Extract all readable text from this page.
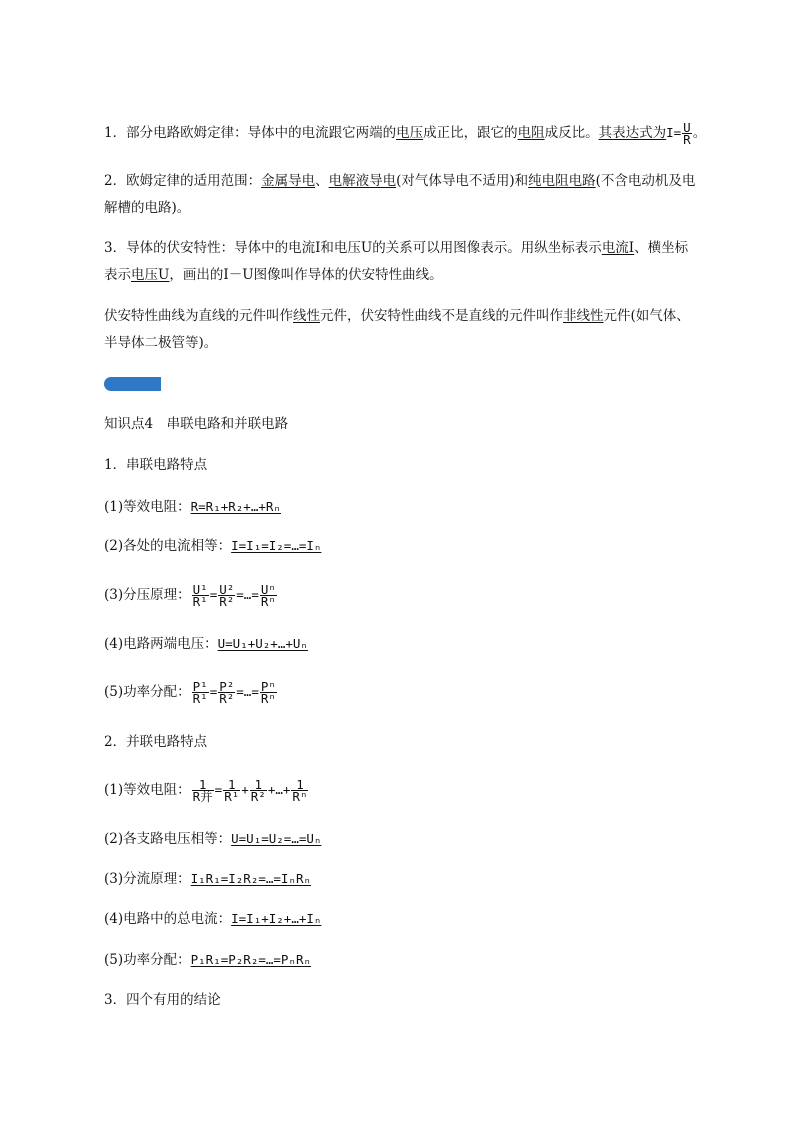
1．部分电路欧姆定律：导体中的电流跟它两端的电压成正比，跟它的电阻成反比。其表达式为$I= \frac{U}{R}$ 。
2．欧姆定律的适用范围：金属导电、电解液导电(对气体导电不适用)和纯电阻电路(不含电动机及电
解槽的电路)。
3．导体的伏安特性：导体中的电流I和电压U的关系可以用图像表示。用纵坐标表示电流I、横坐标
表示电压U，画出的I－U图像叫作导体的伏安特性曲线。
伏安特性曲线为直线的元件叫作线性元件，伏安特性曲线不是直线的元件叫作非线性元件(如气体、
半导体二极管等)。
知识点4　串联电路和并联电路
1．串联电路特点
(1)等效电阻：R=R₁+R₂+…+Rₙ
(2)各处的电流相等：I=I₁=I₂=…=Iₙ
(3)分压原理： $\frac{\text{U¹}}{\text{R¹}} = \frac{\text{U²}}{\text{R²}}$ =…= $\frac{\text{Uⁿ}}{\text{Rⁿ}}$
(4)电路两端电压：U=U₁+U₂+…+Uₙ
(5)功率分配： $\frac{\text{P¹}}{\text{R¹}} = \frac{\text{P²}}{\text{R²}}$ =…= $\frac{\text{Pⁿ}}{\text{Rⁿ}}$
2．并联电路特点
(1)等效电阻： $\frac{1}{\text{R并}} = \frac{1}{\text{R¹}} + \frac{1}{\text{R²}}$ +…+ $\frac{1}{\text{Rⁿ}}$
(2)各支路电压相等：U=U₁=U₂=…=Uₙ
(3)分流原理：I₁R₁=I₂R₂=…=IₙRₙ
(4)电路中的总电流：I=I₁+I₂+…+Iₙ
(5)功率分配：P₁R₁=P₂R₂=…=PₙRₙ
3．四个有用的结论
